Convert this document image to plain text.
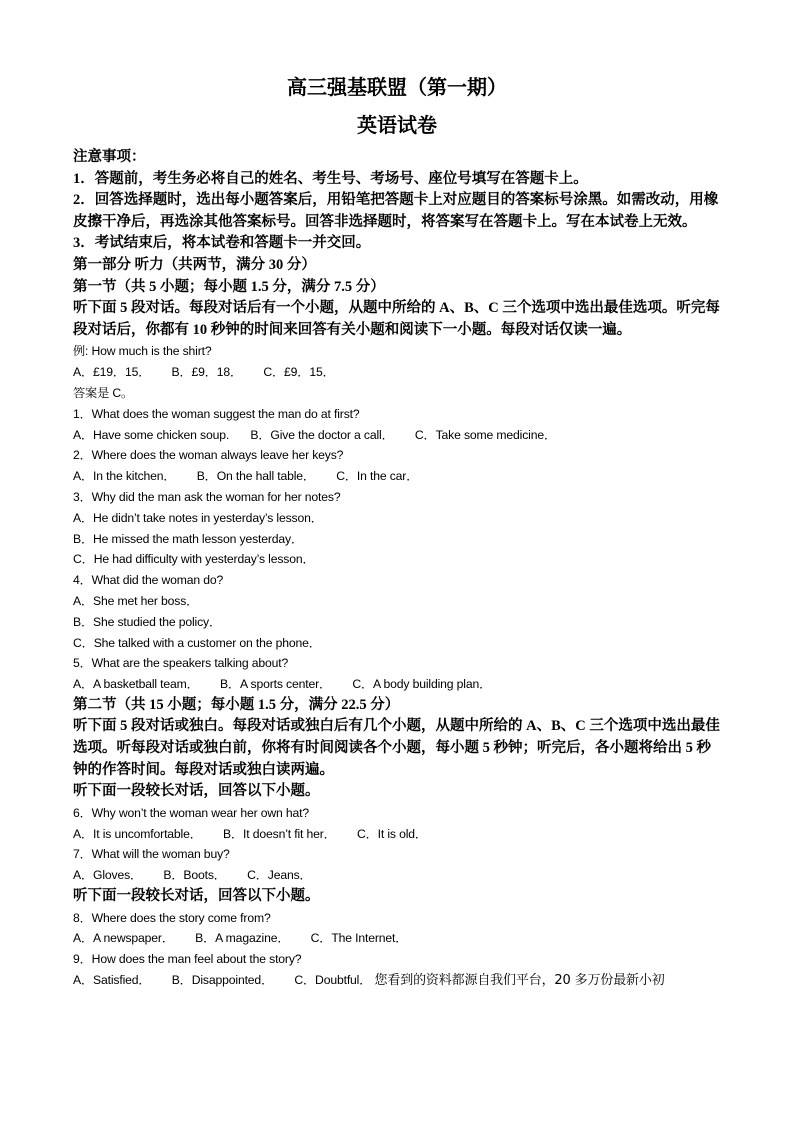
高三强基联盟（第一期）

英语试卷

注意事项：

1．答题前，考生务必将自己的姓名、考生号、考场号、座位号填写在答题卡上。

2．回答选择题时，选出每小题答案后，用铅笔把答题卡上对应题目的答案标号涂黑。如需改动，用橡皮擦干净后，再选涂其他答案标号。回答非选择题时，将答案写在答题卡上。写在本试卷上无效。

3．考试结束后，将本试卷和答题卡一并交回。

第一部分 听力（共两节，满分 30 分）

第一节（共 5 小题；每小题 1.5 分，满分 7.5 分）

听下面 5 段对话。每段对话后有一个小题，从题中所给的 A、B、C 三个选项中选出最佳选项。听完每段对话后，你都有 10 秒钟的时间来回答有关小题和阅读下一小题。每段对话仅读一遍。

例: How much is the shirt?

A．£19．15． B．£9．18． C．£9．15．

答案是 C。

1．What does the woman suggest the man do at first?

A．Have some chicken soup. B．Give the doctor a call． C．Take some medicine．

2．Where does the woman always leave her keys?

A．In the kitchen． B．On the hall table． C．In the car．

3．Why did the man ask the woman for her notes?

A．He didn’t take notes in yesterday’s lesson．

B．He missed the math lesson yesterday．

C．He had difficulty with yesterday’s lesson．

4．What did the woman do?

A．She met her boss．

B．She studied the policy．

C．She talked with a customer on the phone．

5．What are the speakers talking about?

A．A basketball team． B．A sports center． C．A body building plan．

第二节（共 15 小题；每小题 1.5 分，满分 22.5 分）

听下面 5 段对话或独白。每段对话或独白后有几个小题，从题中所给的 A、B、C 三个选项中选出最佳选项。听每段对话或独白前，你将有时间阅读各个小题，每小题 5 秒钟；听完后，各小题将给出 5 秒钟的作答时间。每段对话或独白读两遍。

听下面一段较长对话，回答以下小题。

6．Why won’t the woman wear her own hat?

A．It is uncomfortable． B．It doesn’t fit her． C．It is old．

7．What will the woman buy?

A．Gloves． B．Boots． C．Jeans．

听下面一段较长对话，回答以下小题。

8．Where does the story come from?

A．A newspaper． B．A magazine． C．The Internet．

9．How does the man feel about the story?

A．Satisfied． B．Disappointed． C．Doubtful． 您看到的资料都源自我们平台，20 多万份最新小初
